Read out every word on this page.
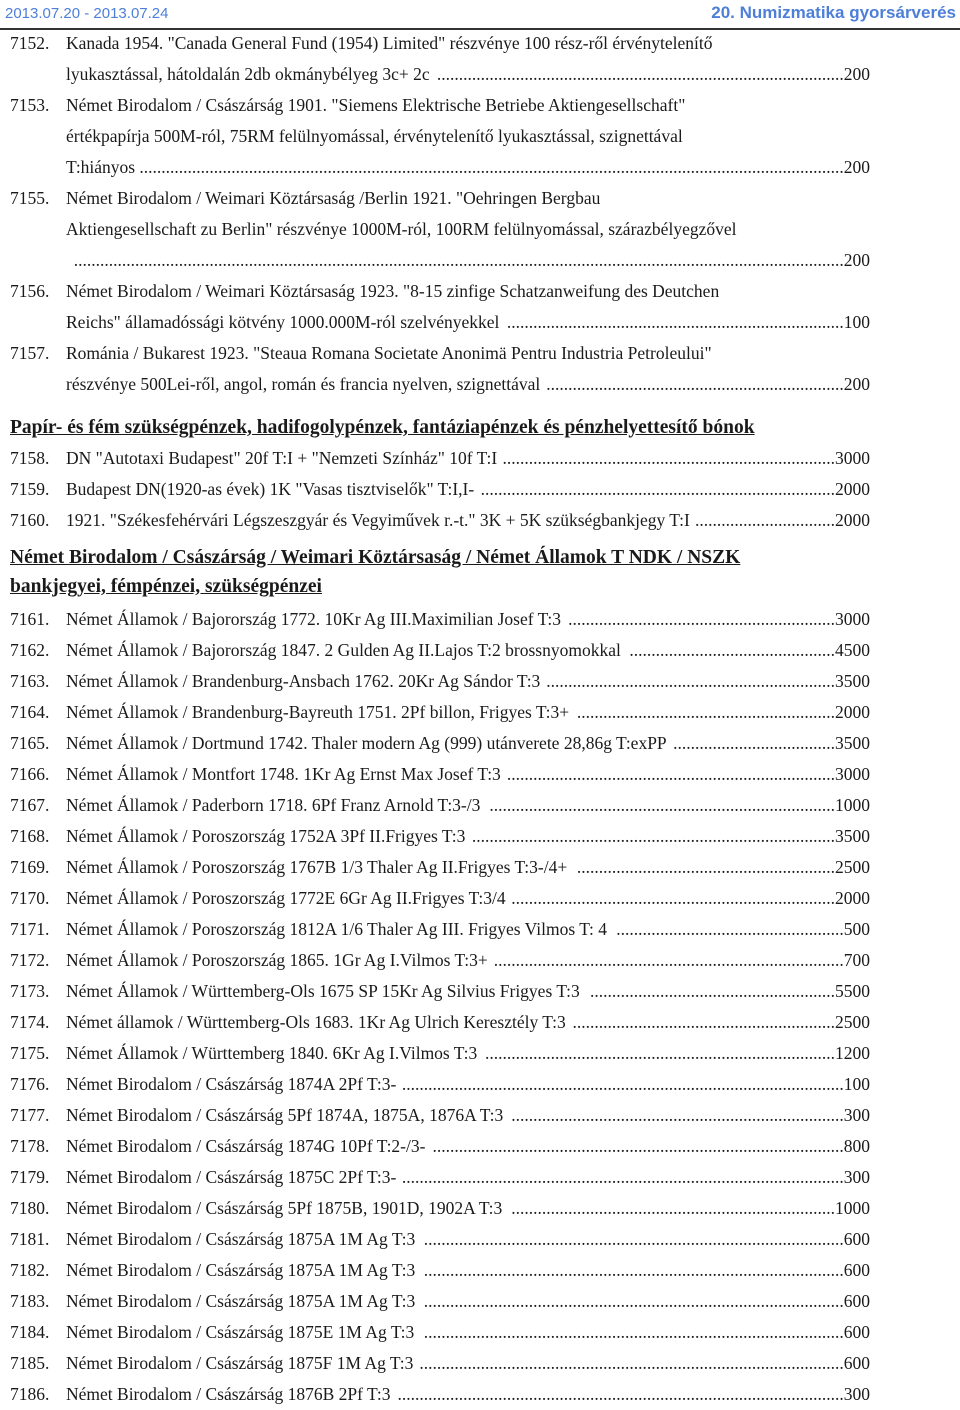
2013.07.20 - 2013.07.24	20. Numizmatika gyorsárverés
7152. Kanada 1954. "Canada General Fund (1954) Limited" részvénye 100 rész-ről érvénytelenítő
lyukasztással, hátoldalán 2db okmánybélyeg 3c+ 2c ............................................................................................. 200
7153. Német Birodalom / Császárság 1901. "Siemens Elektrische Betriebe Aktiengesellschaft"
értékpapírja 500M-ról, 75RM felülnyomással, érvénytelenítő lyukasztással, szignettával
T:hiányos ................................................................................................................................................................. 200
7155. Német Birodalom / Weimari Köztársaság /Berlin 1921. "Oehringen Bergbau
Aktiengesellschaft zu Berlin" részvénye 1000M-ról, 100RM felülnyomással, szárazbélyegzővel
................................................................................................................................................................................ 200
7156. Német Birodalom / Weimari Köztársaság 1923. "8-15 zinfige Schatzanweifung des Deutchen
Reichs" államadóssági kötvény 1000.000M-ról szelvényekkel ............................................................................. 100
7157. Románia / Bukarest 1923. "Steaua Romana Societate Anonimä Pentru Industria Petroleului"
részvénye 500Lei-ről, angol, román és francia nyelven, szignettával .................................................................... 200
7158. DN "Autotaxi Budapest" 20f T:I + "Nemzeti Színház" 10f T:I ............................................................................ 3000
7159. Budapest DN(1920-as évek) 1K "Vasas tisztviselők" T:I,I- ................................................................................. 2000
7160. 1921. "Székesfehérvári Légszeszgyár és Vegyiművek r.-t." 3K + 5K szükségbankjegy T:I ................................ 2000
7161. Német Államok / Bajorország 1772. 10Kr Ag III.Maximilian Josef T:3 ............................................................. 3000
7162. Német Államok / Bajorország 1847. 2 Gulden Ag II.Lajos T:2 brossnyomokkal ............................................... 4500
7163. Német Államok / Brandenburg-Ansbach 1762. 20Kr Ag Sándor T:3 .................................................................. 3500
7164. Német Államok / Brandenburg-Bayreuth 1751. 2Pf billon, Frigyes T:3+ ........................................................... 2000
7165. Német Államok / Dortmund 1742. Thaler modern Ag (999) utánverete 28,86g T:exPP ..................................... 3500
7166. Német Államok / Montfort 1748. 1Kr Ag Ernst Max Josef T:3 ........................................................................... 3000
7167. Német Államok / Paderborn 1718. 6Pf Franz Arnold T:3-/3 ............................................................................... 1000
7168. Német Államok / Poroszország 1752A 3Pf II.Frigyes T:3 ................................................................................... 3500
7169. Német Államok / Poroszország 1767B 1/3 Thaler Ag II.Frigyes T:3-/4+ ........................................................... 2500
7170. Német Államok / Poroszország 1772E 6Gr Ag II.Frigyes T:3/4 .......................................................................... 2000
7171. Német Államok / Poroszország 1812A 1/6 Thaler Ag III. Frigyes Vilmos T: 4 .................................................... 500
7172. Német Államok / Poroszország 1865. 1Gr Ag I.Vilmos T:3+ ................................................................................ 700
7173. Német Államok / Württemberg-Ols 1675 SP 15Kr Ag Silvius Frigyes T:3 ........................................................ 5500
7174. Német államok / Württemberg-Ols 1683. 1Kr Ag Ulrich Keresztély T:3 ............................................................ 2500
7175. Német Államok / Württemberg 1840. 6Kr Ag I.Vilmos T:3 ................................................................................ 1200
7176. Német Birodalom / Császárság 1874A 2Pf T:3- ..................................................................................................... 100
7177. Német Birodalom / Császárság 5Pf 1874A, 1875A, 1876A T:3 ............................................................................ 300
7178. Német Birodalom / Császárság 1874G 10Pf T:2-/3- .............................................................................................. 800
7179. Német Birodalom / Császárság 1875C 2Pf T:3- ..................................................................................................... 300
7180. Német Birodalom / Császárság 5Pf 1875B, 1901D, 1902A T:3 .......................................................................... 1000
7181. Német Birodalom / Császárság 1875A 1M Ag T:3 ................................................................................................ 600
7182. Német Birodalom / Császárság 1875A 1M Ag T:3 ................................................................................................ 600
7183. Német Birodalom / Császárság 1875A 1M Ag T:3 ................................................................................................ 600
7184. Német Birodalom / Császárság 1875E 1M Ag T:3 ................................................................................................ 600
7185. Német Birodalom / Császárság 1875F 1M Ag T:3 ................................................................................................. 600
7186. Német Birodalom / Császárság 1876B 2Pf T:3 ...................................................................................................... 300
Papír- és fém szükségpénzek, hadifogolypénzek, fantáziapénzek és pénzhelyettesítő bónok
Német Birodalom / Császárság / Weimari Köztársaság / Német Államok T NDK / NSZK
bankjegyei, fémpénzei, szükségpénzei
